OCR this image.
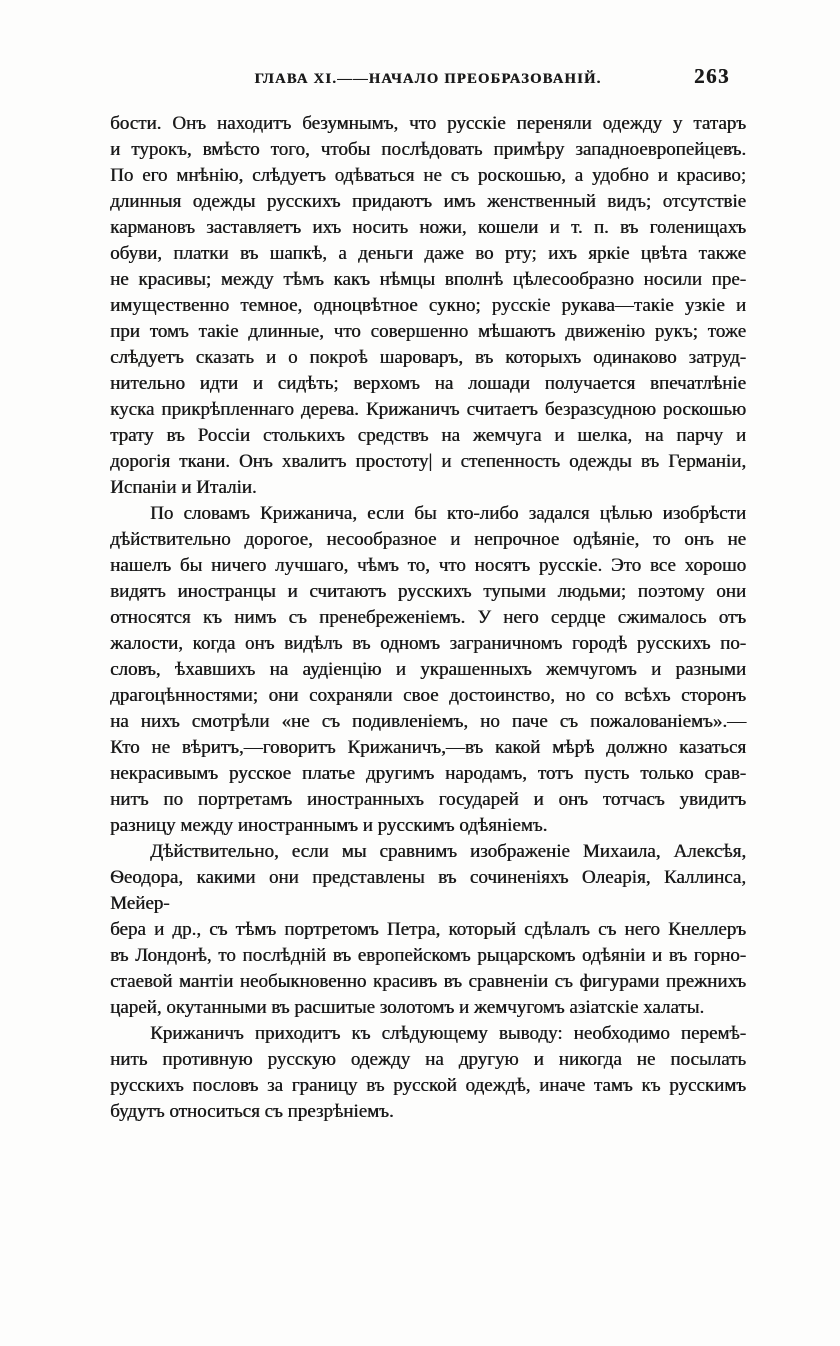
ГЛАВА XI.——НАЧАЛО ПРЕОБРАЗОВАНІЙ.	263
бости. Онъ находитъ безумнымъ, что русскіе переняли одежду у татаръ
и турокъ, вмѣсто того, чтобы послѣдовать примѣру западноевропейцевъ.
По его мнѣнію, слѣдуетъ одѣваться не съ роскошью, а удобно и красиво;
длинныя одежды русскихъ придаютъ имъ женственный видъ; отсутствіе
кармановъ заставляетъ ихъ носить ножи, кошели и т. п. въ голенищахъ
обуви, платки въ шапкѣ, а деньги даже во рту; ихъ яркіе цвѣта также
не красивы; между тѣмъ какъ нѣмцы вполнѣ цѣлесообразно носили пре-
имущественно темное, одноцвѣтное сукно; русскіе рукава—такіе узкіе и
при томъ такіе длинные, что совершенно мѣшаютъ движенію рукъ; тоже
слѣдуетъ сказать и о покроѣ шароваръ, въ которыхъ одинаково затруд-
нительно идти и сидѣть; верхомъ на лошади получается впечатлѣніе
куска прикрѣпленнаго дерева. Крижаничъ считаетъ безразсудною роскошью
трату въ Россіи столькихъ средствъ на жемчуга и шелка, на парчу и
дорогія ткани. Онъ хвалитъ простоту| и степенность одежды въ Германіи,
Испаніи и Италіи.
По словамъ Крижанича, если бы кто-либо задался цѣлью изобрѣсти
дѣйствительно дорогое, несообразное и непрочное одѣяніе, то онъ не
нашелъ бы ничего лучшаго, чѣмъ то, что носятъ русскіе. Это все хорошо
видятъ иностранцы и считаютъ русскихъ тупыми людьми; поэтому они
относятся къ нимъ съ пренебреженіемъ. У него сердце сжималось отъ
жалости, когда онъ видѣлъ въ одномъ заграничномъ городѣ русскихъ по-
словъ, ѣхавшихъ на аудіенцію и украшенныхъ жемчугомъ и разными
драгоцѣнностями; они сохраняли свое достоинство, но со всѣхъ сторонъ
на нихъ смотрѣли «не съ подивленіемъ, но паче съ пожалованіемъ».—
Кто не вѣритъ,—говоритъ Крижаничъ,—въ какой мѣрѣ должно казаться
некрасивымъ русское платье другимъ народамъ, тотъ пусть только срав-
нитъ по портретамъ иностранныхъ государей и онъ тотчасъ увидитъ
разницу между иностраннымъ и русскимъ одѣяніемъ.
Дѣйствительно, если мы сравнимъ изображеніе Михаила, Алексѣя,
Ѳеодора, какими они представлены въ сочиненіяхъ Олеарія, Каллинса, Мейер-
бера и др., съ тѣмъ портретомъ Петра, который сдѣлалъ съ него Кнеллеръ
въ Лондонѣ, то послѣдній въ европейскомъ рыцарскомъ одѣяніи и въ горно-
стаевой мантіи необыкновенно красивъ въ сравненіи съ фигурами прежнихъ
царей, окутанными въ расшитые золотомъ и жемчугомъ азіатскіе халаты.
Крижаничъ приходитъ къ слѣдующему выводу: необходимо перемѣ-
нить противную русскую одежду на другую и никогда не посылать
русскихъ пословъ за границу въ русской одеждѣ, иначе тамъ къ русскимъ
будутъ относиться съ презрѣніемъ.
